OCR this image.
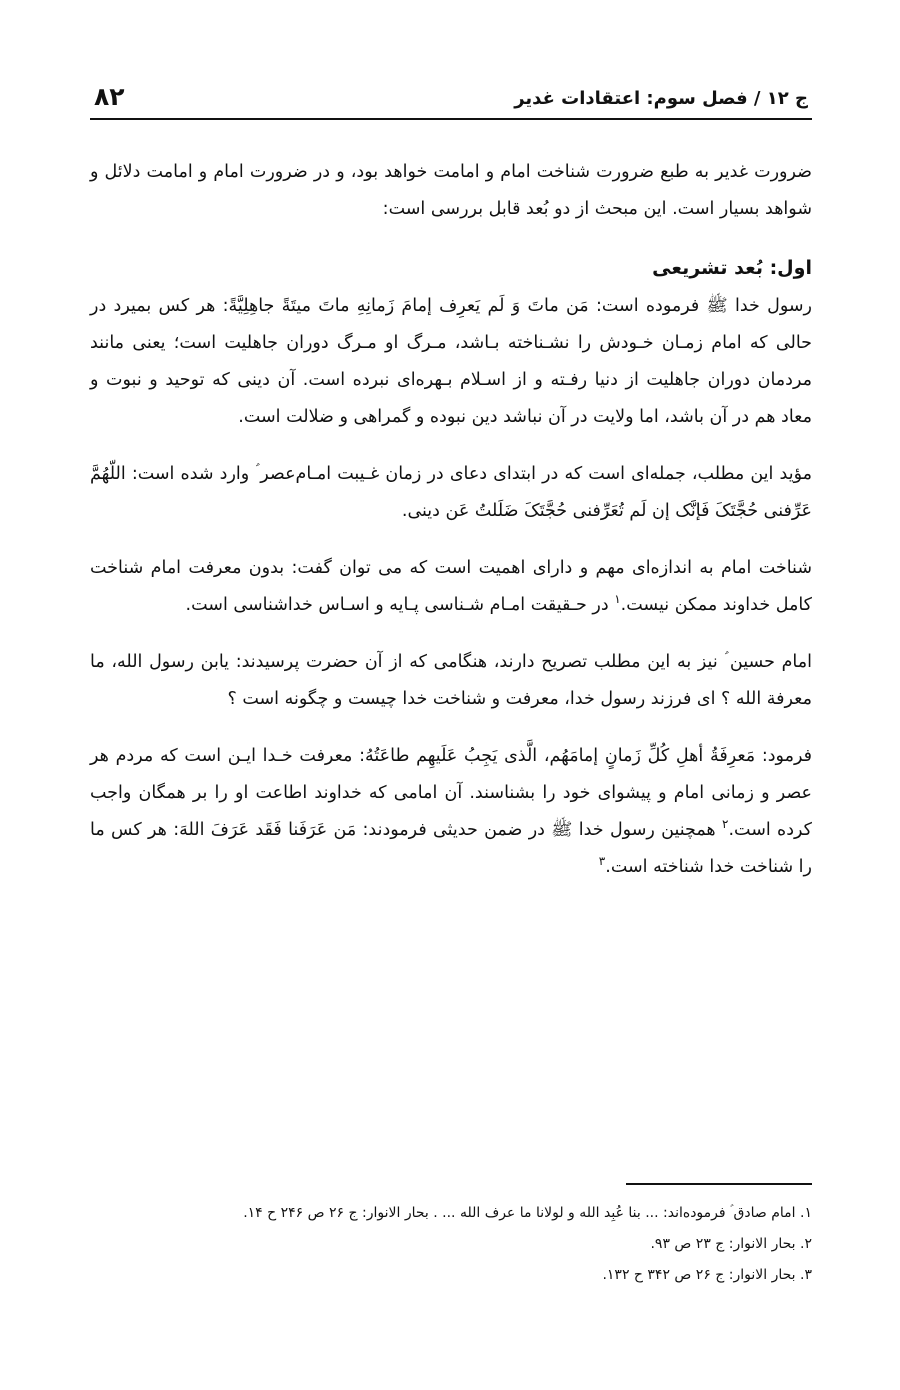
ج ۱۲ / فصل سوم: اعتقادات غدیر
۸۲

ضرورت غدیر به طبع ضرورت شناخت امام و امامت خواهد بود، و در ضرورت امام و امامت دلائل و شواهد بسیار است. این مبحث از دو بُعد قابل بررسی است:

اول: بُعد تشریعی

رسول خدا ﷺ فرموده است: مَن ماتَ وَ لَم یَعرِف إمامَ زَمانِهِ ماتَ میتَةً جاهِلِیَّةً: هر کس بمیرد در حالی که امام زمـان خـودش را نشـناخته بـاشد، مـرگ او مـرگ دوران جاهلیت است؛ یعنی مانند مردمان دوران جاهلیت از دنیا رفـته و از اسـلام بـهره‌ای نبرده است. آن دینی که توحید و نبوت و معاد هم در آن باشد، اما ولایت در آن نباشد دین نبوده و گمراهی و ضلالت است.

مؤید این مطلب، جمله‌ای است که در ابتدای دعای در زمان غـیبت امـام‌عصر ؑ وارد شده است: اللّهُمَّ عَرِّفنی حُجَّتَکَ فَإنَّک إن لَم تُعَرِّفنی حُجَّتَکَ ضَلَلتُ عَن دینی.

شناخت امام به اندازه‌ای مهم و دارای اهمیت است که می توان گفت: بدون معرفت امام شناخت کامل خداوند ممکن نیست.$^۱$ در حـقیقت امـام‌ شـناسی پـایه و اسـاس خداشناسی است.

امام حسین ؑ نیز به این مطلب تصریح دارند، هنگامی که از آن حضرت پرسیدند: یابن رسول الله، ما معرفة الله ؟ ای فرزند رسول خدا، معرفت و شناخت خدا چیست و چگونه است ؟

فرمود: مَعرِفَةُ أهلِ کُلِّ زَمانٍ إمامَهُم، الَّذی یَجِبُ عَلَیهِم طاعَتُهُ: معرفت خـدا ایـن است که مردم هر عصر و زمانی امام و پیشوای خود را بشناسند. آن امامی که خداوند اطاعت او را بر همگان واجب کرده است.$^۲$ همچنین رسول خدا ﷺ در ضمن حدیثی فرمودند: مَن عَرَفَنا فَقَد عَرَفَ اللهَ: هر کس ما را شناخت خدا شناخته است.$^۳$

۱. امام صادق ؑ فرموده‌اند: ... بنا عُبِد الله و لولانا ما عرف الله ... . بحار الانوار: ج ۲۶ ص ۲۴۶ ح ۱۴.

۲. بحار الانوار: ج ۲۳ ص ۹۳.

۳. بحار الانوار: ج ۲۶ ص ۳۴۲ ح ۱۳۲.
